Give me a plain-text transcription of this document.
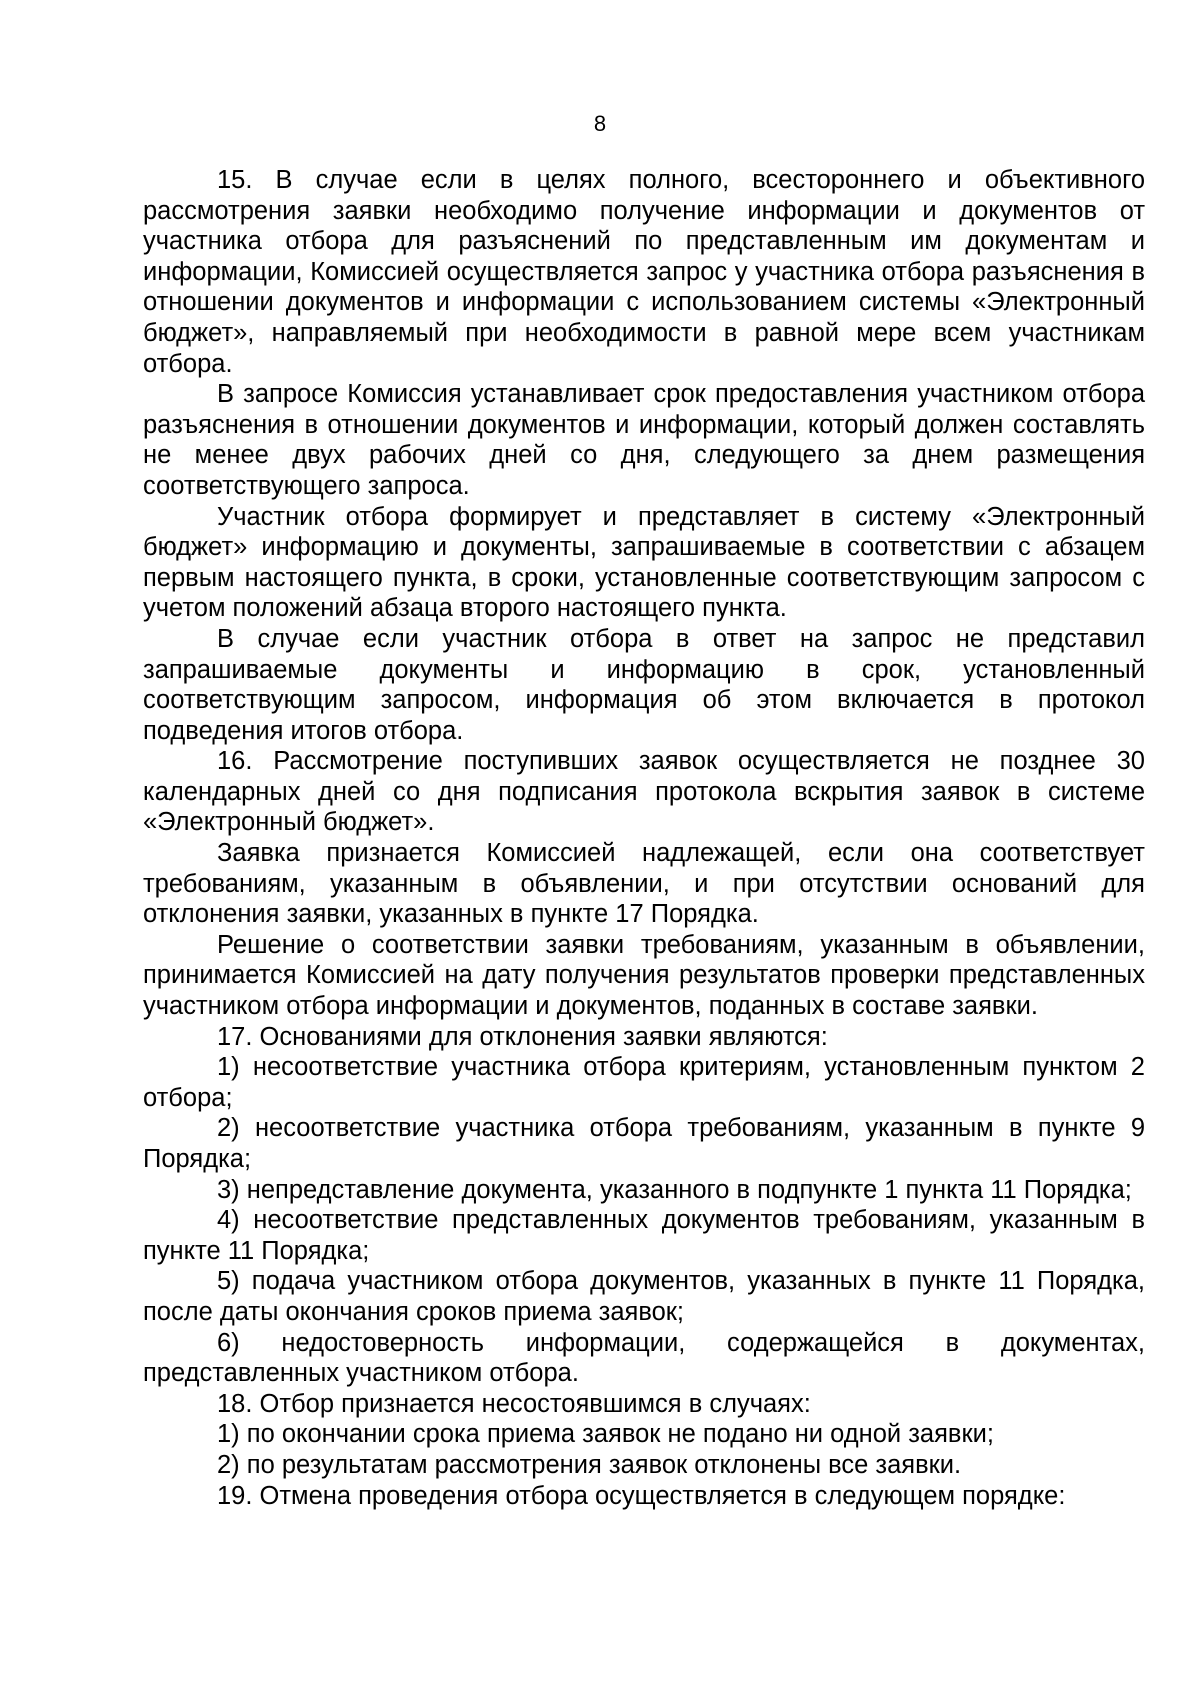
8

15. В случае если в целях полного, всестороннего и объективного рассмотрения заявки необходимо получение информации и документов от участника отбора для разъяснений по представленным им документам и информации, Комиссией осуществляется запрос у участника отбора разъяснения в отношении документов и информации с использованием системы «Электронный бюджет», направляемый при необходимости в равной мере всем участникам отбора.

В запросе Комиссия устанавливает срок предоставления участником отбора разъяснения в отношении документов и информации, который должен составлять не менее двух рабочих дней со дня, следующего за днем размещения соответствующего запроса.

Участник отбора формирует и представляет в систему «Электронный бюджет» информацию и документы, запрашиваемые в соответствии с абзацем первым настоящего пункта, в сроки, установленные соответствующим запросом с учетом положений абзаца второго настоящего пункта.

В случае если участник отбора в ответ на запрос не представил запрашиваемые документы и информацию в срок, установленный соответствующим запросом, информация об этом включается в протокол подведения итогов отбора.

16. Рассмотрение поступивших заявок осуществляется не позднее 30 календарных дней со дня подписания протокола вскрытия заявок в системе «Электронный бюджет».

Заявка признается Комиссией надлежащей, если она соответствует требованиям, указанным в объявлении, и при отсутствии оснований для отклонения заявки, указанных в пункте 17 Порядка.

Решение о соответствии заявки требованиям, указанным в объявлении, принимается Комиссией на дату получения результатов проверки представленных участником отбора информации и документов, поданных в составе заявки.

17. Основаниями для отклонения заявки являются:

1) несоответствие участника отбора критериям, установленным пунктом 2 отбора;

2) несоответствие участника отбора требованиям, указанным в пункте 9 Порядка;

3) непредставление документа, указанного в подпункте 1 пункта 11 Порядка;

4) несоответствие представленных документов требованиям, указанным в пункте 11 Порядка;

5) подача участником отбора документов, указанных в пункте 11 Порядка, после даты окончания сроков приема заявок;

6) недостоверность информации, содержащейся в документах, представленных участником отбора.

18. Отбор признается несостоявшимся в случаях:

1) по окончании срока приема заявок не подано ни одной заявки;

2) по результатам рассмотрения заявок отклонены все заявки.

19. Отмена проведения отбора осуществляется в следующем порядке:
